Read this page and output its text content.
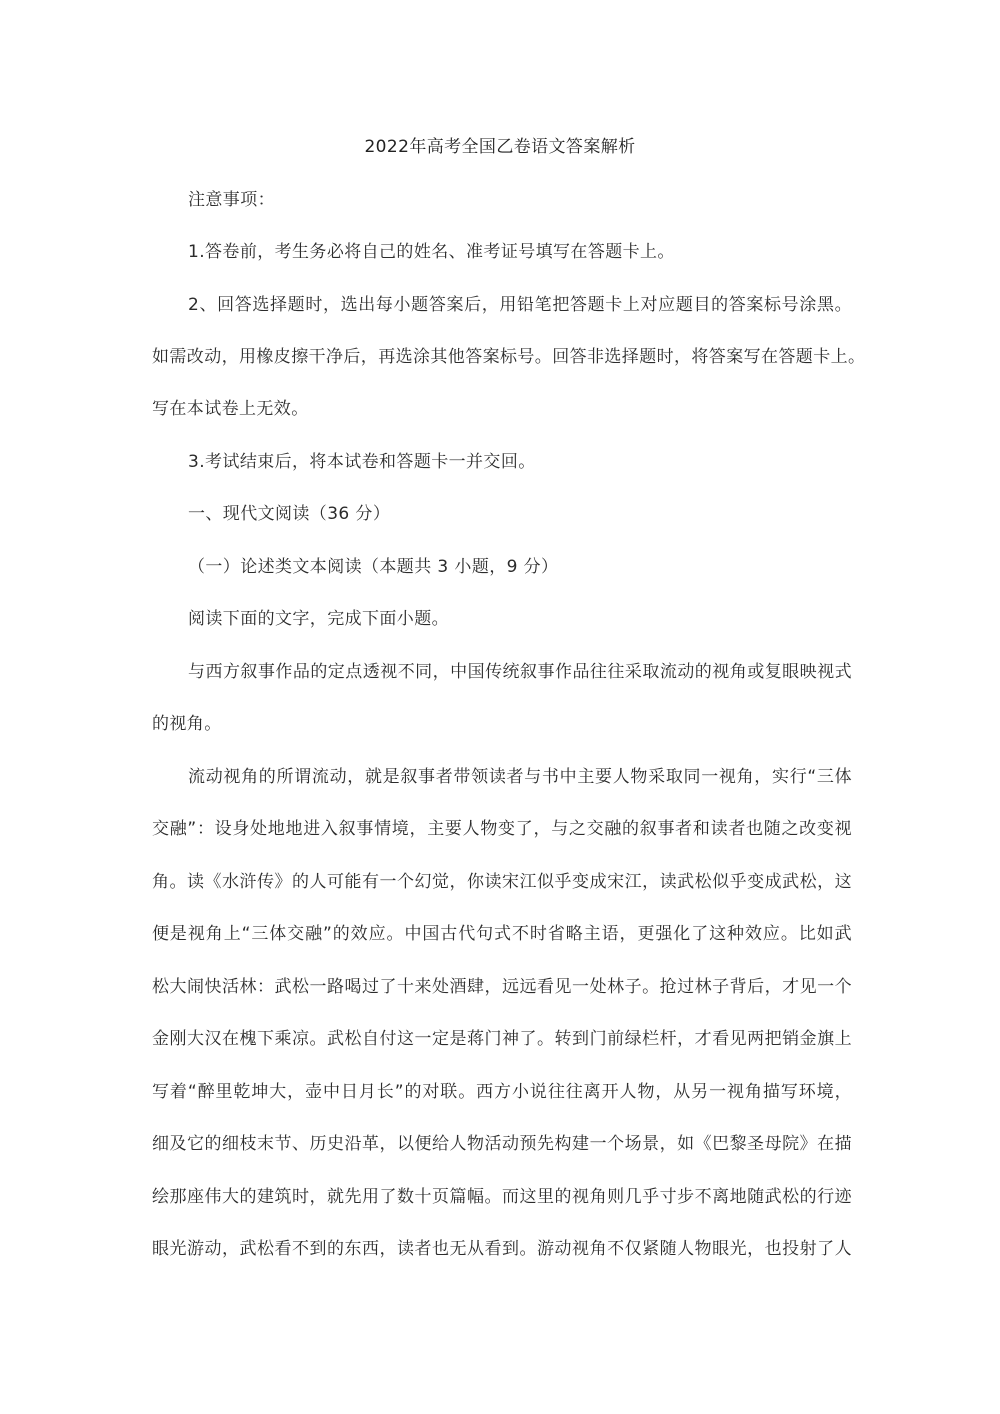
2022年高考全国乙卷语文答案解析
注意事项：
1.答卷前，考生务必将自己的姓名、准考证号填写在答题卡上。
2、回答选择题时，选出每小题答案后，用铅笔把答题卡上对应题目的答案标号涂黑。
如需改动，用橡皮擦干净后，再选涂其他答案标号。回答非选择题时，将答案写在答题卡上。
写在本试卷上无效。
3.考试结束后，将本试卷和答题卡一并交回。
一、现代文阅读（36 分）
（一）论述类文本阅读（本题共 3 小题，9 分）
阅读下面的文字，完成下面小题。
与西方叙事作品的定点透视不同，中国传统叙事作品往往采取流动的视角或复眼映视式
的视角。
流动视角的所谓流动，就是叙事者带领读者与书中主要人物采取同一视角，实行“三体
交融”：设身处地地进入叙事情境，主要人物变了，与之交融的叙事者和读者也随之改变视
角。读《水浒传》的人可能有一个幻觉，你读宋江似乎变成宋江，读武松似乎变成武松，这
便是视角上“三体交融”的效应。中国古代句式不时省略主语，更强化了这种效应。比如武
松大闹快活林：武松一路喝过了十来处酒肆，远远看见一处林子。抢过林子背后，才见一个
金刚大汉在槐下乘凉。武松自付这一定是蒋门神了。转到门前绿栏杆，才看见两把销金旗上
写着“醉里乾坤大，壶中日月长”的对联。西方小说往往离开人物，从另一视角描写环境，
细及它的细枝末节、历史沿革，以便给人物活动预先构建一个场景，如《巴黎圣母院》在描
绘那座伟大的建筑时，就先用了数十页篇幅。而这里的视角则几乎寸步不离地随武松的行迹
眼光游动，武松看不到的东西，读者也无从看到。游动视角不仅紧随人物眼光，也投射了人
